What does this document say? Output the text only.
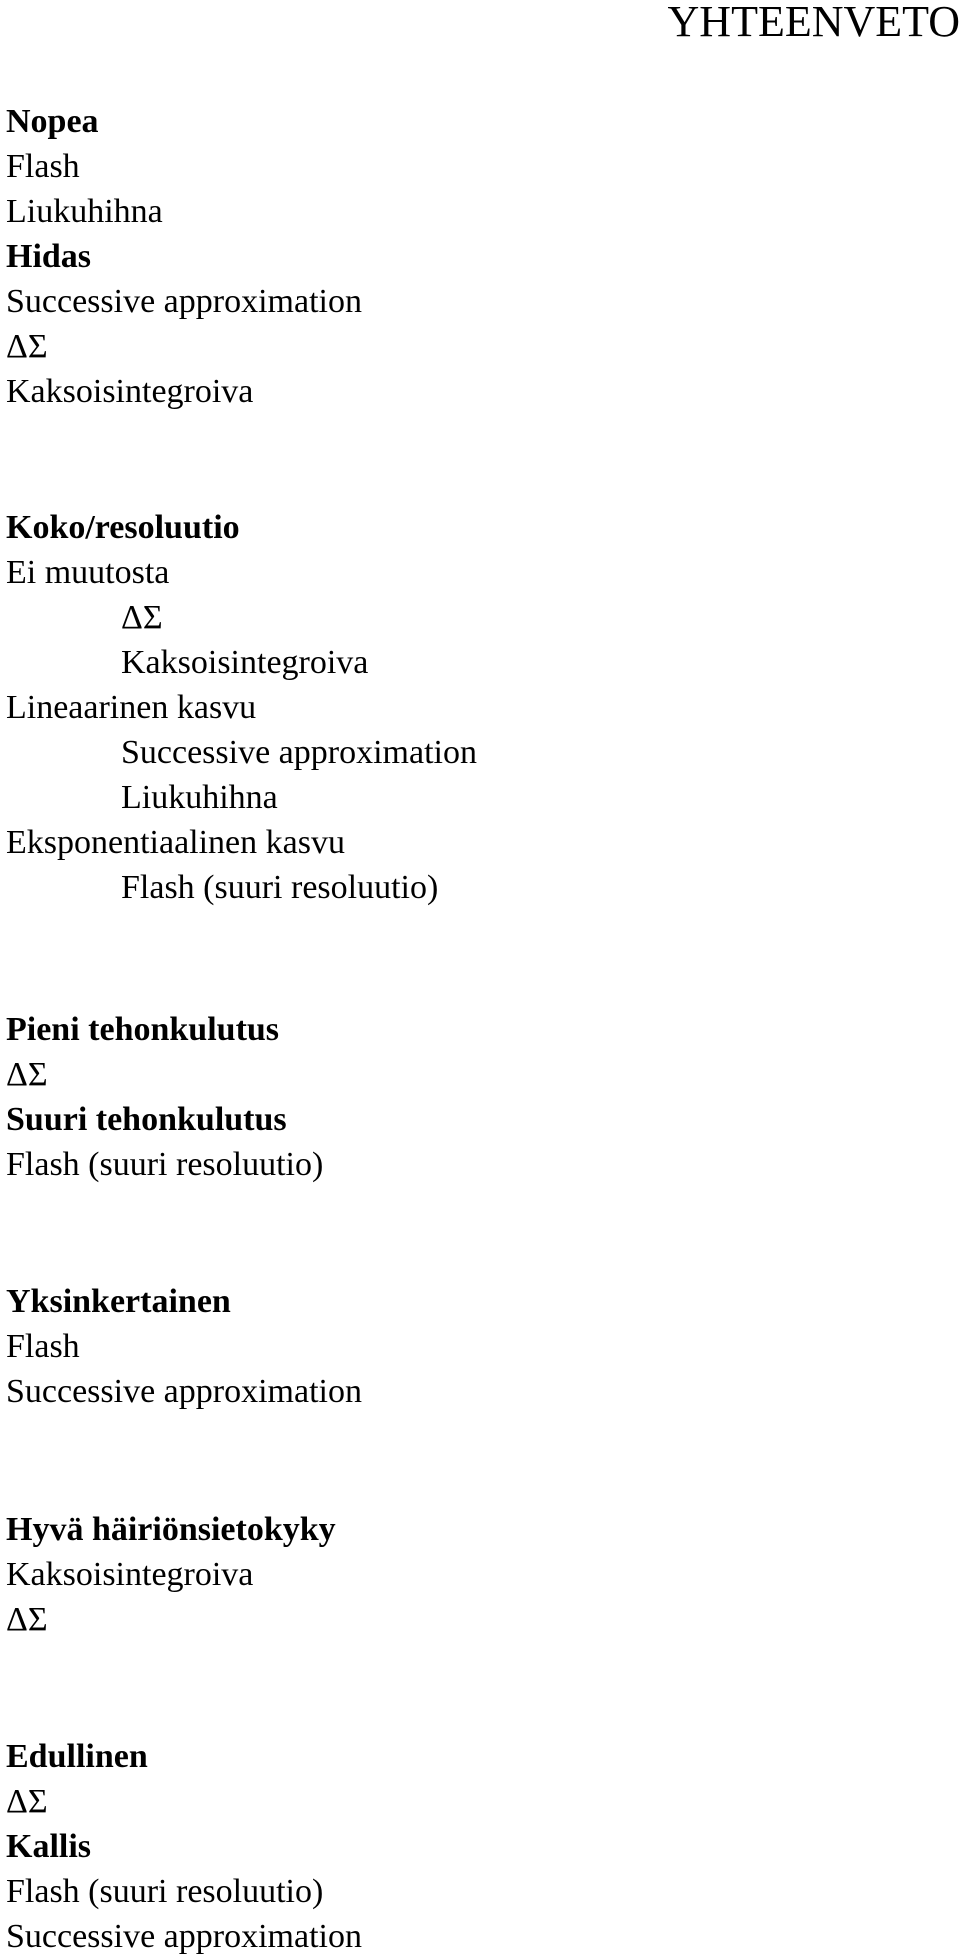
YHTEENVETO
Nopea
Flash
Liukuhihna
Hidas
Successive approximation
ΔΣ
Kaksoisintegroiva
Koko/resoluutio
Ei muutosta
ΔΣ
Kaksoisintegroiva
Lineaarinen kasvu
Successive approximation
Liukuhihna
Eksponentiaalinen kasvu
Flash (suuri resoluutio)
Pieni tehonkulutus
ΔΣ
Suuri tehonkulutus
Flash (suuri resoluutio)
Yksinkertainen
Flash
Successive approximation
Hyvä häiriönsietokyky
Kaksoisintegroiva
ΔΣ
Edullinen
ΔΣ
Kallis
Flash (suuri resoluutio)
Successive approximation
